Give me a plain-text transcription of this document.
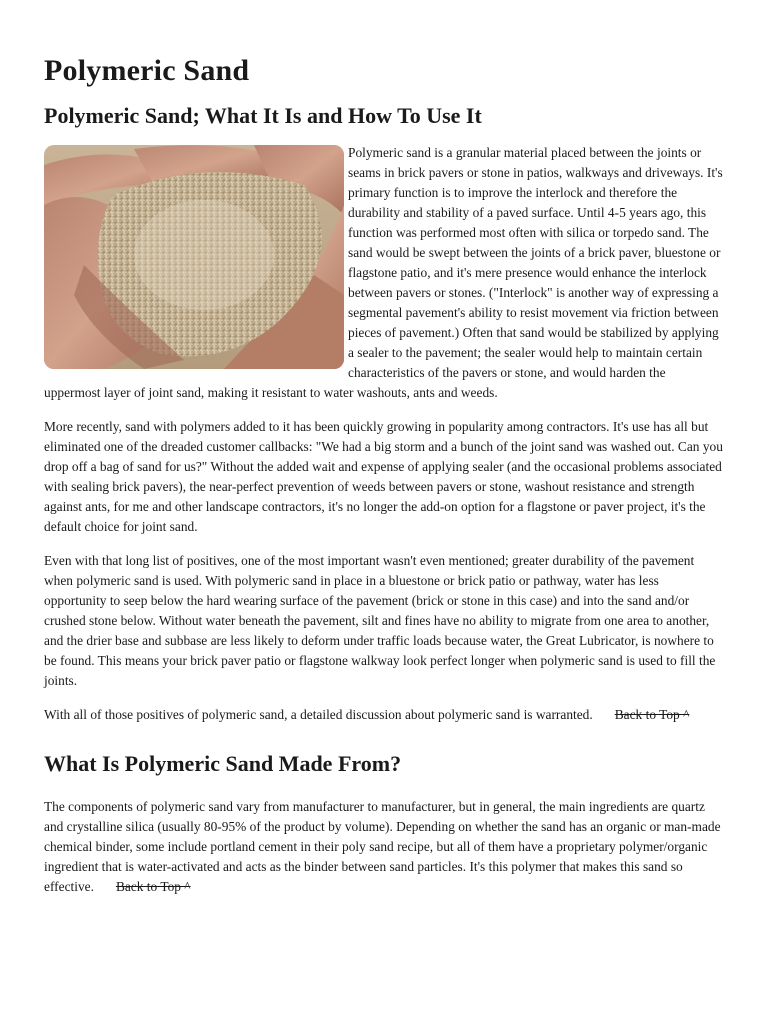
Polymeric Sand
Polymeric Sand; What It Is and How To Use It

Polymeric sand is a granular material placed between the joints or seams in brick pavers or stone in patios, walkways and driveways. It's primary function is to improve the interlock and therefore the durability and stability of a paved surface. Until 4-5 years ago, this function was performed most often with silica or torpedo sand. The sand would be swept between the joints of a brick paver, bluestone or flagstone patio, and it's mere presence would enhance the interlock between pavers or stones. ("Interlock" is another way of expressing a segmental pavement's ability to resist movement via friction between pieces of pavement.) Often that sand would be stabilized by applying a sealer to the pavement; the sealer would help to maintain certain characteristics of the pavers or stone, and would harden the uppermost layer of joint sand, making it resistant to water washouts, ants and weeds.

More recently, sand with polymers added to it has been quickly growing in popularity among contractors. It's use has all but eliminated one of the dreaded customer callbacks: "We had a big storm and a bunch of the joint sand was washed out. Can you drop off a bag of sand for us?" Without the added wait and expense of applying sealer (and the occasional problems associated with sealing brick pavers), the near-perfect prevention of weeds between pavers or stone, washout resistance and strength against ants, for me and other landscape contractors, it's no longer the add-on option for a flagstone or paver project, it's the default choice for joint sand.

Even with that long list of positives, one of the most important wasn't even mentioned; greater durability of the pavement when polymeric sand is used. With polymeric sand in place in a bluestone or brick patio or pathway, water has less opportunity to seep below the hard wearing surface of the pavement (brick or stone in this case) and into the sand and/or crushed stone below. Without water beneath the pavement, silt and fines have no ability to migrate from one area to another, and the drier base and subbase are less likely to deform under traffic loads because water, the Great Lubricator, is nowhere to be found. This means your brick paver patio or flagstone walkway look perfect longer when polymeric sand is used to fill the joints.

With all of those positives of polymeric sand, a detailed discussion about polymeric sand is warranted. Back to Top ^

What Is Polymeric Sand Made From?

The components of polymeric sand vary from manufacturer to manufacturer, but in general, the main ingredients are quartz and crystalline silica (usually 80-95% of the product by volume). Depending on whether the sand has an organic or man-made chemical binder, some include portland cement in their poly sand recipe, but all of them have a proprietary polymer/organic ingredient that is water-activated and acts as the binder between sand particles. It's this polymer that makes this sand so effective. Back to Top ^
